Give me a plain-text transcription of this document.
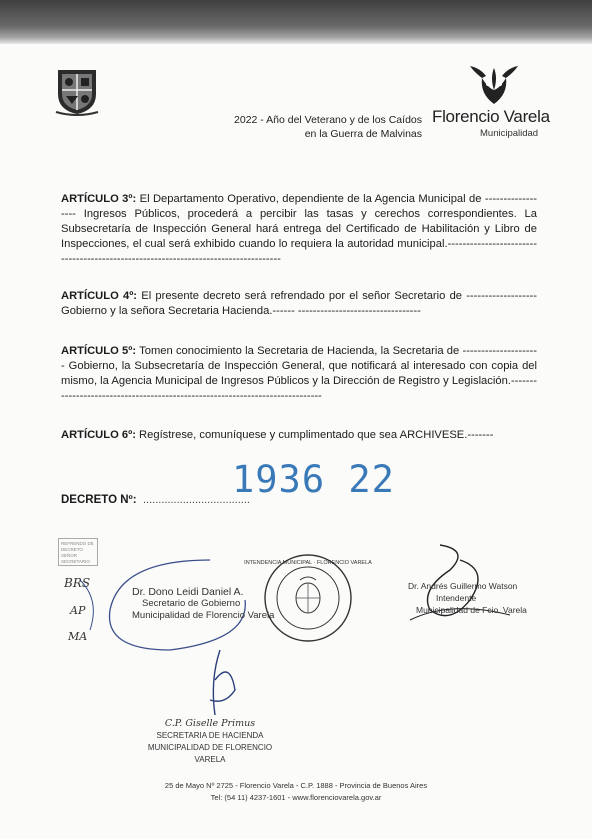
2022 - Año del Veterano y de los Caídos
en la Guerra de Malvinas
Florencio Varela
Municipalidad
ARTÍCULO 3º: El Departamento Operativo, dependiente de la Agencia Municipal de ------------------ Ingresos Públicos, procederá a percibir las tasas y cerechos correspondientes. La Subsecretaría de Inspección General hará entrega del Certificado de Habilitación y Libro de Inspecciones, el cual será exhibido cuando lo requiera la autoridad municipal.-----------------------------------------------------------------------------------
ARTÍCULO 4º: El presente decreto será refrendado por el señor Secretario de -------------------Gobierno y la señora Secretaria Hacienda.------ ---------------------------------
ARTÍCULO 5º: Tomen conocimiento la Secretaria de Hacienda, la Secretaria de --------------------- Gobierno, la Subsecretaría de Inspección General, que notificará al interesado con copia del mismo, la Agencia Municipal de Ingresos Públicos y la Dirección de Registro y Legislación.-----------------------------------------------------------------------------
ARTÍCULO 6º: Regístrese, comuníquese y cumplimentado que sea ARCHIVESE.-------
1936 22
DECRETO Nº: ...................................
REFRENDO DE DECRETO SEÑOR SECRETARIO
BRS
AP
MA
Dr. Dono Leidi Daniel A.
Secretario de Gobierno
Municipalidad de Florencio Varela
INTENDENCIA MUNICIPAL · FLORENCIO VARELA
Dr. Andrés Guillermo Watson
Intendente
Municipalidad de Fcio. Varela
C.P. Giselle Primus
SECRETARIA DE HACIENDA
MUNICIPALIDAD DE FLORENCIO VARELA
25 de Mayo Nº 2725 - Florencio Varela - C.P. 1888 - Provincia de Buenos Aires
Tel: (54 11) 4237-1601 - www.florenciovarela.gov.ar
